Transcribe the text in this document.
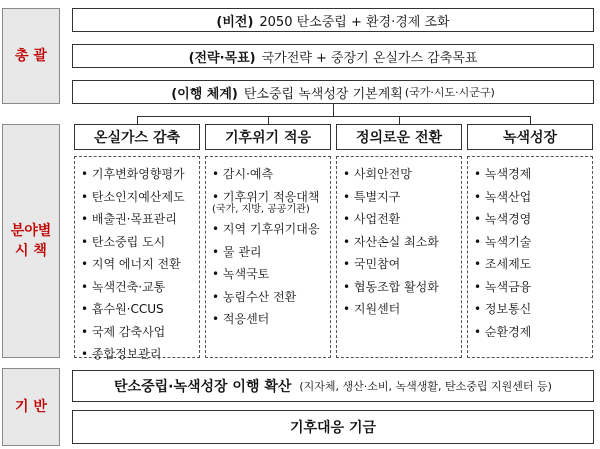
총 괄
분야별
시 책
기 반
(비전) 2050 탄소중립 + 환경·경제 조화
(전략·목표) 국가전략 + 중장기 온실가스 감축목표
(이행 체계) 탄소중립 녹색성장 기본계획 (국가·시도·시군구)
온실가스 감축	기후위기 적응	정의로운 전환	녹색성장
• 기후변화영향평가
• 탄소인지예산제도
• 배출권·목표관리
• 탄소중립 도시
• 지역 에너지 전환
• 녹색건축·교통
• 흡수원·CCUS
• 국제 감축사업
• 종합정보관리
• 감시·예측
• 기후위기 적응대책
(국가, 지방, 공공기관)
• 지역 기후위기대응
• 물 관리
• 녹색국토
• 농림수산 전환
• 적응센터
• 사회안전망
• 특별지구
• 사업전환
• 자산손실 최소화
• 국민참여
• 협동조합 활성화
• 지원센터
• 녹색경제
• 녹색산업
• 녹색경영
• 녹색기술
• 조세제도
• 녹색금융
• 정보통신
• 순환경제
탄소중립·녹색성장 이행 확산 (지자체, 생산·소비, 녹색생활, 탄소중립 지원센터 등)
기후대응 기금
